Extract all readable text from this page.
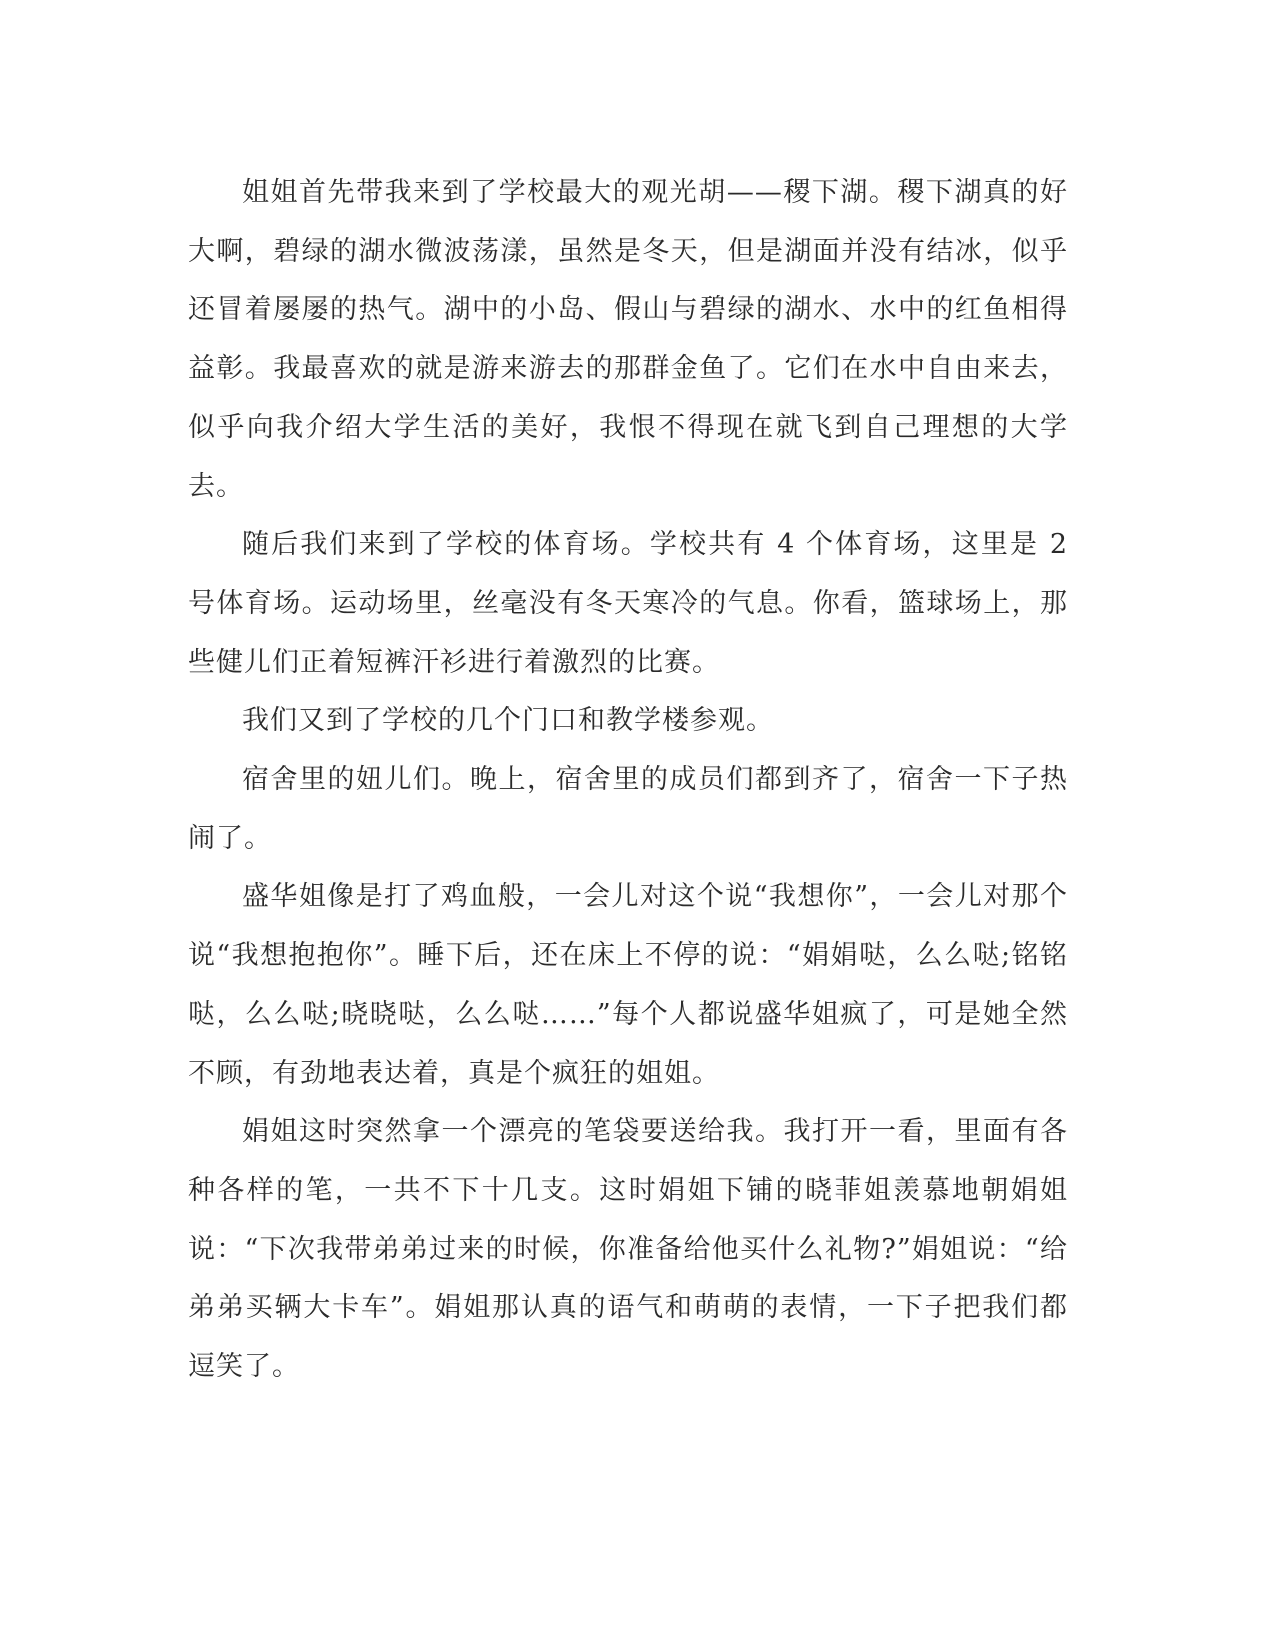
姐姐首先带我来到了学校最大的观光胡——稷下湖。稷下湖真的好大啊，碧绿的湖水微波荡漾，虽然是冬天，但是湖面并没有结冰，似乎还冒着屡屡的热气。湖中的小岛、假山与碧绿的湖水、水中的红鱼相得益彰。我最喜欢的就是游来游去的那群金鱼了。它们在水中自由来去，似乎向我介绍大学生活的美好，我恨不得现在就飞到自己理想的大学去。

随后我们来到了学校的体育场。学校共有 4 个体育场，这里是 2 号体育场。运动场里，丝毫没有冬天寒冷的气息。你看，篮球场上，那些健儿们正着短裤汗衫进行着激烈的比赛。

我们又到了学校的几个门口和教学楼参观。

宿舍里的妞儿们。晚上，宿舍里的成员们都到齐了，宿舍一下子热闹了。

盛华姐像是打了鸡血般，一会儿对这个说“我想你”，一会儿对那个说“我想抱抱你”。睡下后，还在床上不停的说：“娟娟哒，么么哒;铭铭哒，么么哒;晓晓哒，么么哒……”每个人都说盛华姐疯了，可是她全然不顾，有劲地表达着，真是个疯狂的姐姐。

娟姐这时突然拿一个漂亮的笔袋要送给我。我打开一看，里面有各种各样的笔，一共不下十几支。这时娟姐下铺的晓菲姐羡慕地朝娟姐说：“下次我带弟弟过来的时候，你准备给他买什么礼物?”娟姐说：“给弟弟买辆大卡车”。娟姐那认真的语气和萌萌的表情，一下子把我们都逗笑了。
